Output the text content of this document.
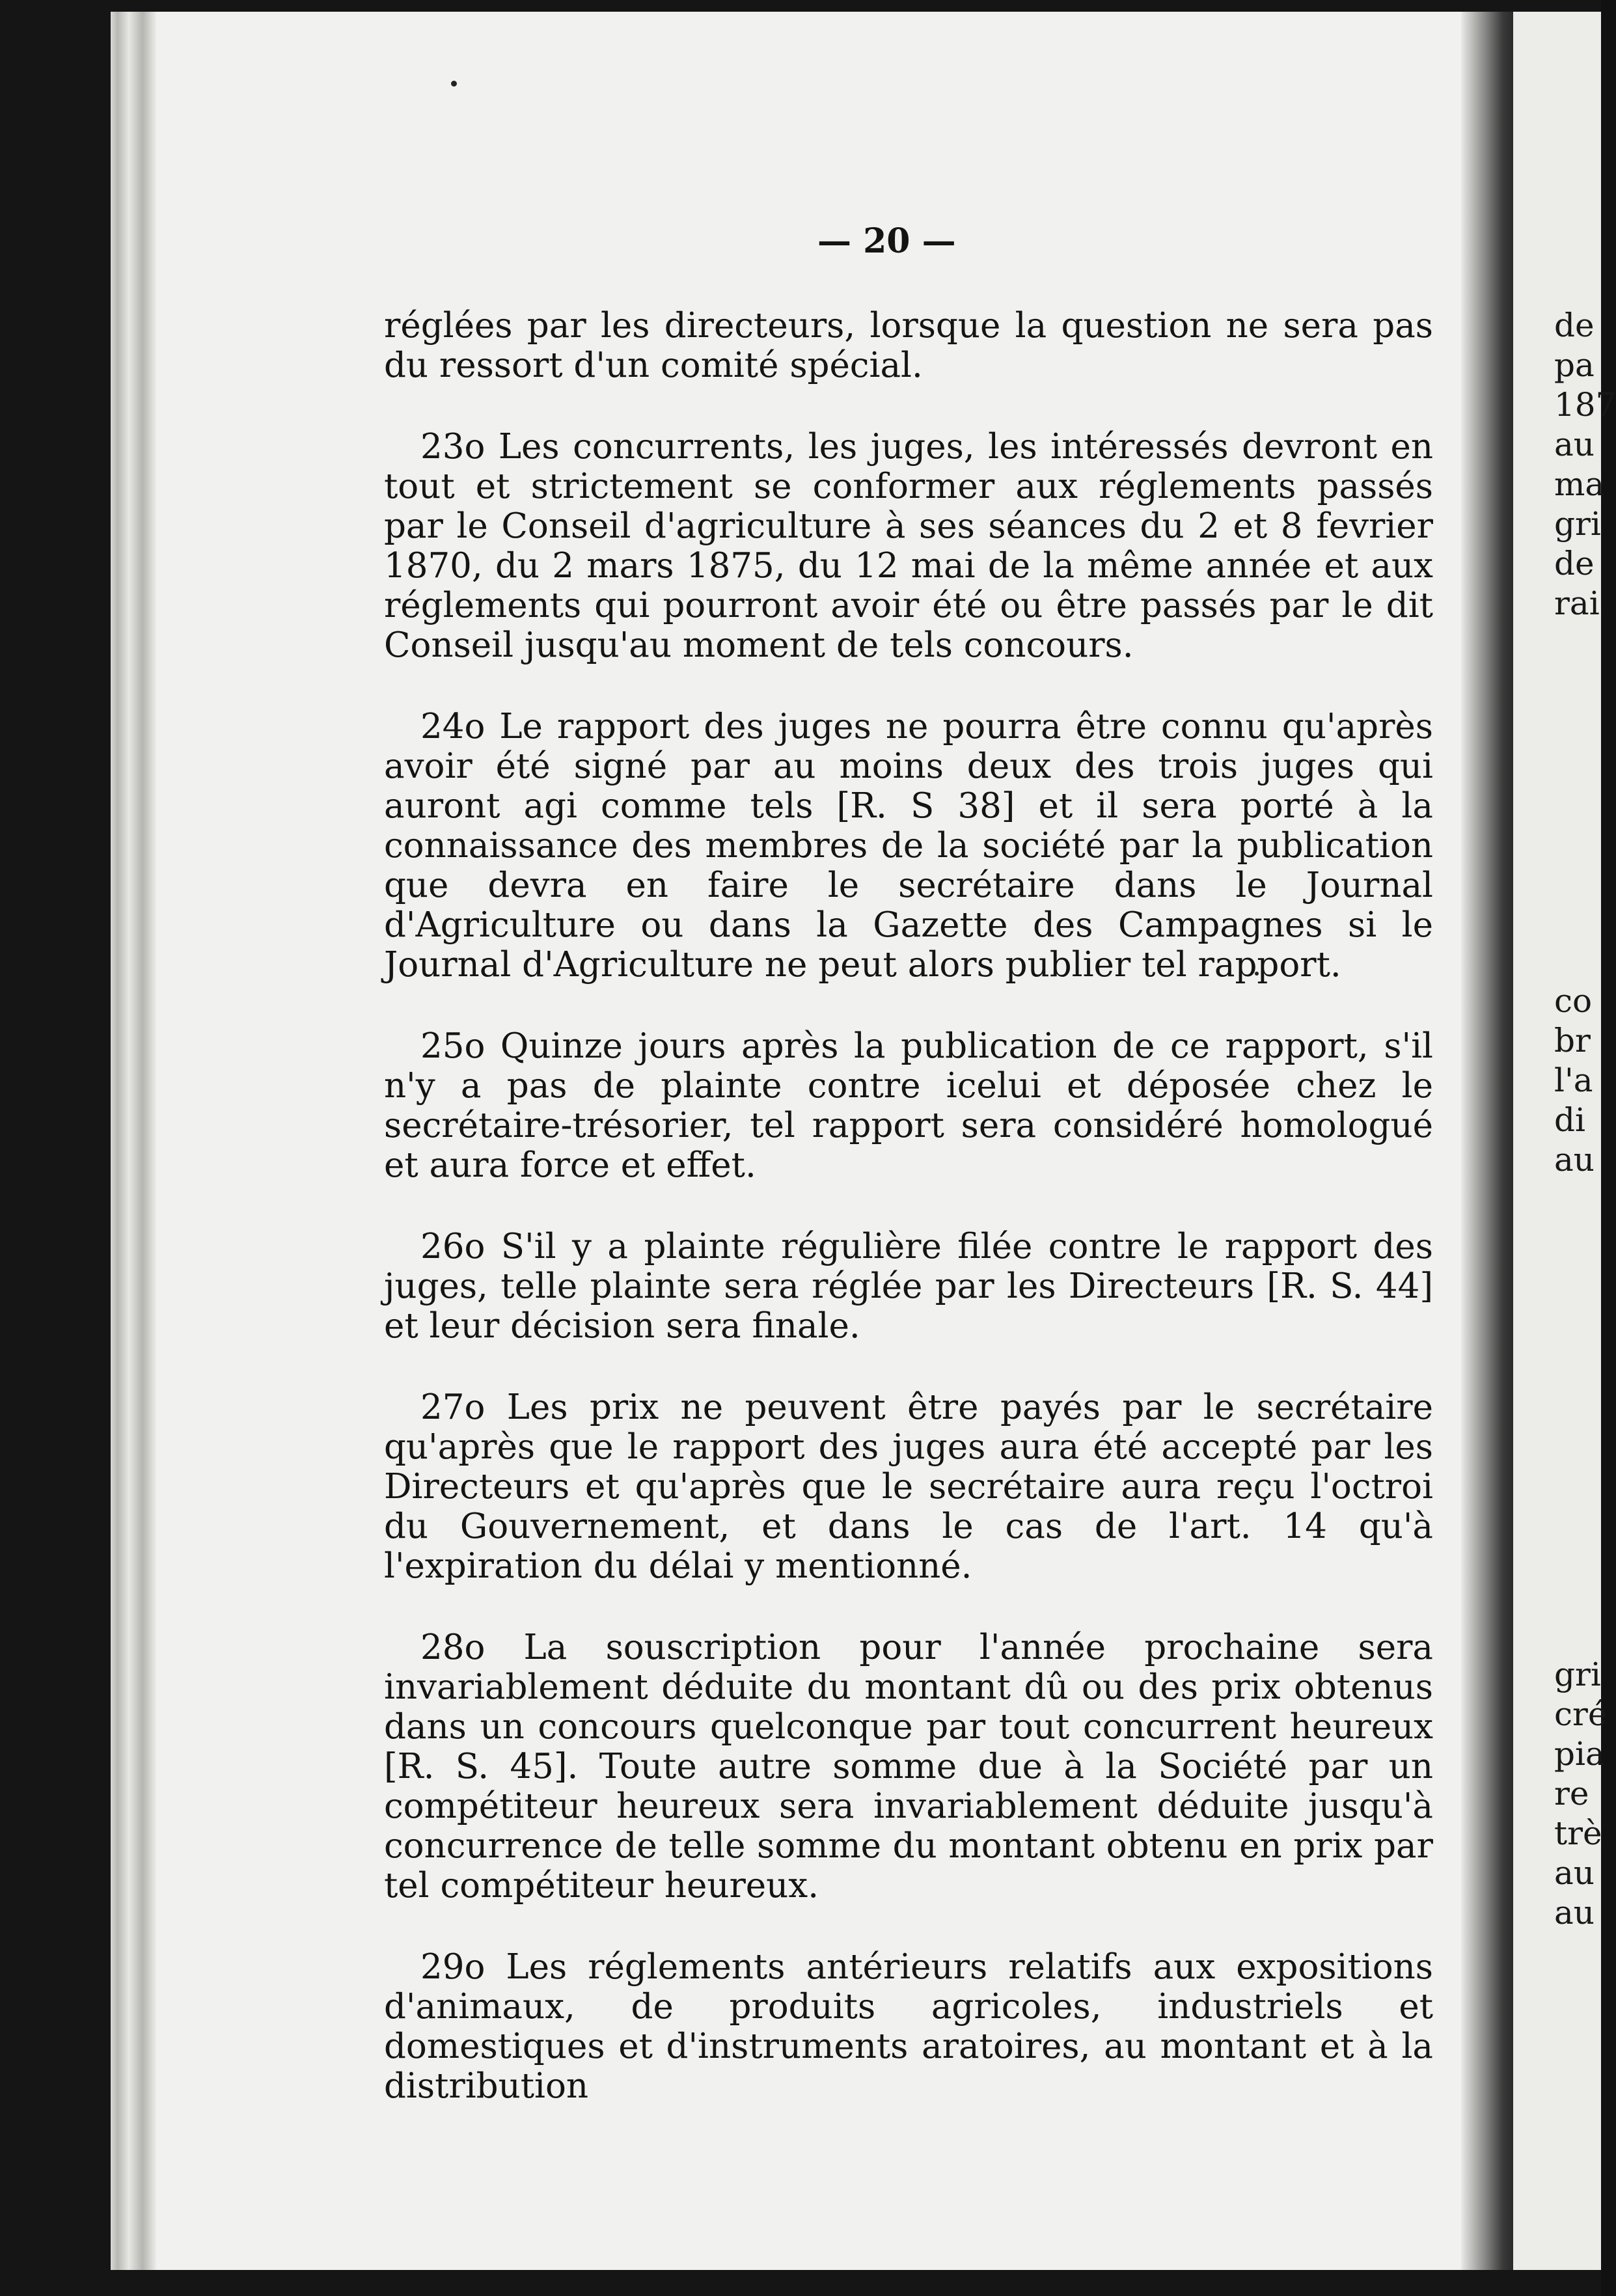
— 20 —

réglées par les directeurs, lorsque la question ne sera pas du ressort d'un comité spécial.

23o Les concurrents, les juges, les intéressés devront en tout et strictement se conformer aux réglements passés par le Conseil d'agriculture à ses séances du 2 et 8 fevrier 1870, du 2 mars 1875, du 12 mai de la même année et aux réglements qui pourront avoir été ou être passés par le dit Conseil jusqu'au moment de tels concours.

24o Le rapport des juges ne pourra être connu qu'après avoir été signé par au moins deux des trois juges qui auront agi comme tels [R. S 38] et il sera porté à la connaissance des membres de la société par la publication que devra en faire le secrétaire dans le Journal d'Agriculture ou dans la Gazette des Campagnes si le Journal d'Agriculture ne peut alors publier tel rapport.

25o Quinze jours après la publication de ce rapport, s'il n'y a pas de plainte contre icelui et déposée chez le secrétaire-trésorier, tel rapport sera considéré homologué et aura force et effet.

26o S'il y a plainte régulière filée contre le rapport des juges, telle plainte sera réglée par les Directeurs [R. S. 44] et leur décision sera finale.

27o Les prix ne peuvent être payés par le secrétaire qu'après que le rapport des juges aura été accepté par les Directeurs et qu'après que le secrétaire aura reçu l'octroi du Gouvernement, et dans le cas de l'art. 14 qu'à l'expiration du délai y mentionné.

28o La souscription pour l'année prochaine sera invariablement déduite du montant dû ou des prix obtenus dans un concours quelconque par tout concurrent heureux [R. S. 45]. Toute autre somme due à la Société par un compétiteur heureux sera invariablement déduite jusqu'à concurrence de telle somme du montant obtenu en prix par tel compétiteur heureux.

29o Les réglements antérieurs relatifs aux expositions d'animaux, de produits agricoles, industriels et domestiques et d'instruments aratoires, au montant et à la distribution

de
pa
187
au
ma
gri
de
rai
co
br
l'a
di
au
gri
cré
pia
re
trè
au
au
